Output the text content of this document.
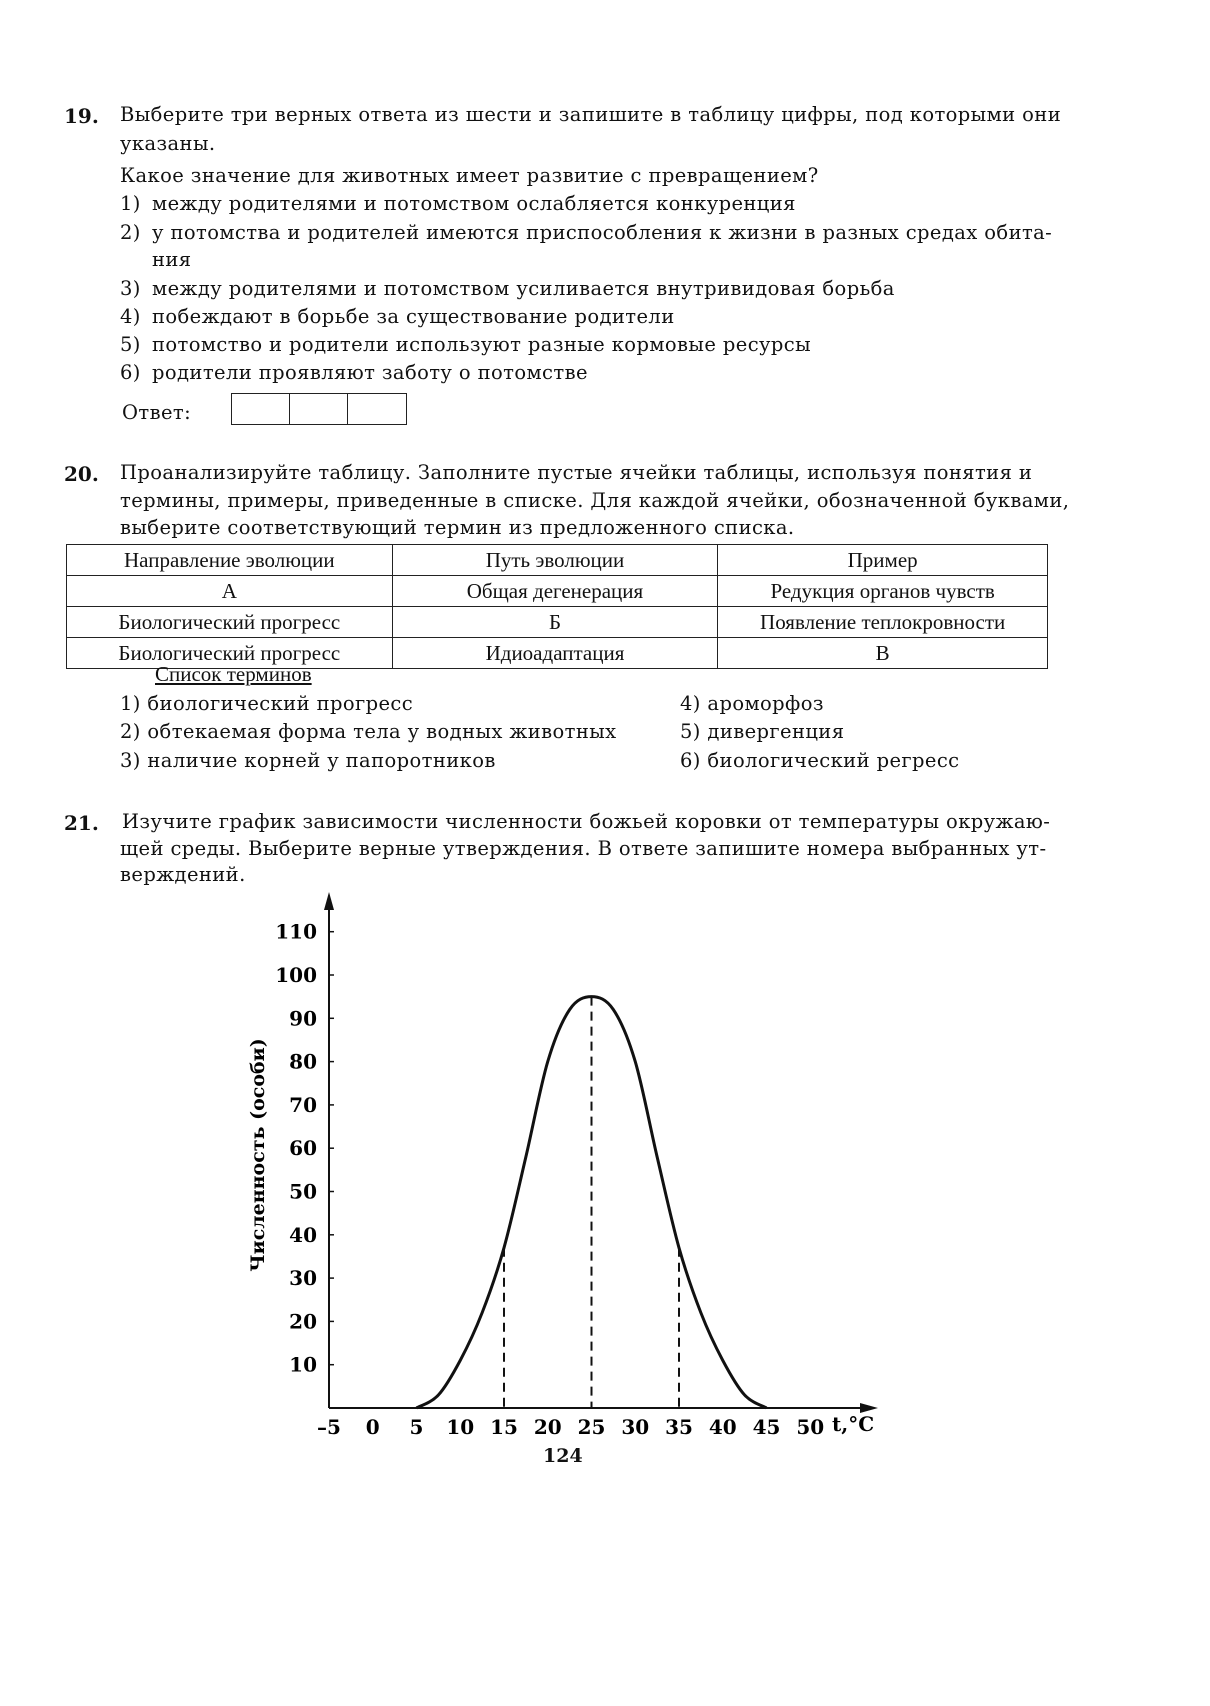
19. Выберите три верных ответа из шести и запишите в таблицу цифры, под которыми они
указаны.
Какое значение для животных имеет развитие с превращением?
1) между родителями и потомством ослабляется конкуренция
2) у потомства и родителей имеются приспособления к жизни в разных средах обита-
ния
3) между родителями и потомством усиливается внутривидовая борьба
4) побеждают в борьбе за существование родители
5) потомство и родители используют разные кормовые ресурсы
6) родители проявляют заботу о потомстве
Ответ:
20. Проанализируйте таблицу. Заполните пустые ячейки таблицы, используя понятия и
термины, примеры, приведенные в списке. Для каждой ячейки, обозначенной буквами,
выберите соответствующий термин из предложенного списка.
Направление эволюции	Путь эволюции	Пример
А	Общая дегенерация	Редукция органов чувств
Биологический прогресс	Б	Появление теплокровности
Биологический прогресс	Идиоадаптация	В
Список терминов
1) биологический прогресс
2) обтекаемая форма тела у водных животных
3) наличие корней у папоротников
4) ароморфоз
5) дивергенция
6) биологический регресс
21. Изучите график зависимости численности божьей коровки от температуры окружаю-
щей среды. Выберите верные утверждения. В ответе запишите номера выбранных ут-
верждений.
10
20
30
40
50
60
70
80
90
100
110
–5 0 5 10 15 20 25 30 35 40 45 50
Численность (особи)
t,°C
124
